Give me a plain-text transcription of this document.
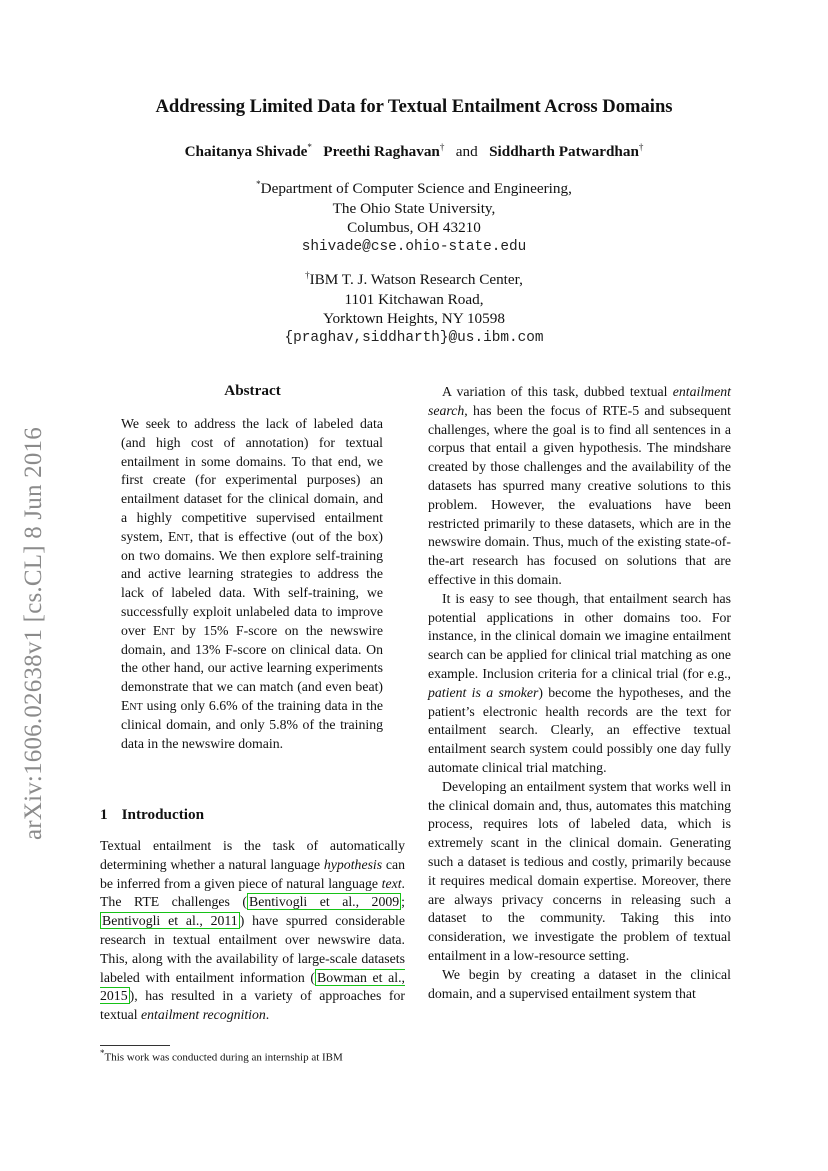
arXiv:1606.02638v1 [cs.CL] 8 Jun 2016
Addressing Limited Data for Textual Entailment Across Domains
Chaitanya Shivade* Preethi Raghavan† and Siddharth Patwardhan†
*Department of Computer Science and Engineering,
The Ohio State University,
Columbus, OH 43210
shivade@cse.ohio-state.edu
†IBM T. J. Watson Research Center,
1101 Kitchawan Road,
Yorktown Heights, NY 10598
{praghav,siddharth}@us.ibm.com
Abstract

We seek to address the lack of labeled data (and high cost of annotation) for textual entailment in some domains. To that end, we first create (for experimental purposes) an entailment dataset for the clinical domain, and a highly competitive supervised entailment system, Ent, that is effective (out of the box) on two domains. We then explore self-training and active learning strategies to address the lack of labeled data. With self-training, we successfully exploit unlabeled data to improve over Ent by 15% F-score on the newswire domain, and 13% F-score on clinical data. On the other hand, our active learning experiments demonstrate that we can match (and even beat) Ent using only 6.6% of the training data in the clinical domain, and only 5.8% of the training data in the newswire domain.

1 Introduction

Textual entailment is the task of automatically determining whether a natural language hypothesis can be inferred from a given piece of natural language text. The RTE challenges ( Bentivogli et al., 2009 ; Bentivogli et al., 2011 ) have spurred considerable research in textual entailment over newswire data. This, along with the availability of large-scale datasets labeled with entailment information ( Bowman et al., 2015 ), has resulted in a variety of approaches for textual entailment recognition.

*This work was conducted during an internship at IBM

A variation of this task, dubbed textual entailment search, has been the focus of RTE-5 and subsequent challenges, where the goal is to find all sentences in a corpus that entail a given hypothesis. The mindshare created by those challenges and the availability of the datasets has spurred many creative solutions to this problem. However, the evaluations have been restricted primarily to these datasets, which are in the newswire domain. Thus, much of the existing state-of-the-art research has focused on solutions that are effective in this domain.

It is easy to see though, that entailment search has potential applications in other domains too. For instance, in the clinical domain we imagine entailment search can be applied for clinical trial matching as one example. Inclusion criteria for a clinical trial (for e.g., patient is a smoker) become the hypotheses, and the patient’s electronic health records are the text for entailment search. Clearly, an effective textual entailment search system could possibly one day fully automate clinical trial matching.

Developing an entailment system that works well in the clinical domain and, thus, automates this matching process, requires lots of labeled data, which is extremely scant in the clinical domain. Generating such a dataset is tedious and costly, primarily because it requires medical domain expertise. Moreover, there are always privacy concerns in releasing such a dataset to the community. Taking this into consideration, we investigate the problem of textual entailment in a low-resource setting.

We begin by creating a dataset in the clinical domain, and a supervised entailment system that
